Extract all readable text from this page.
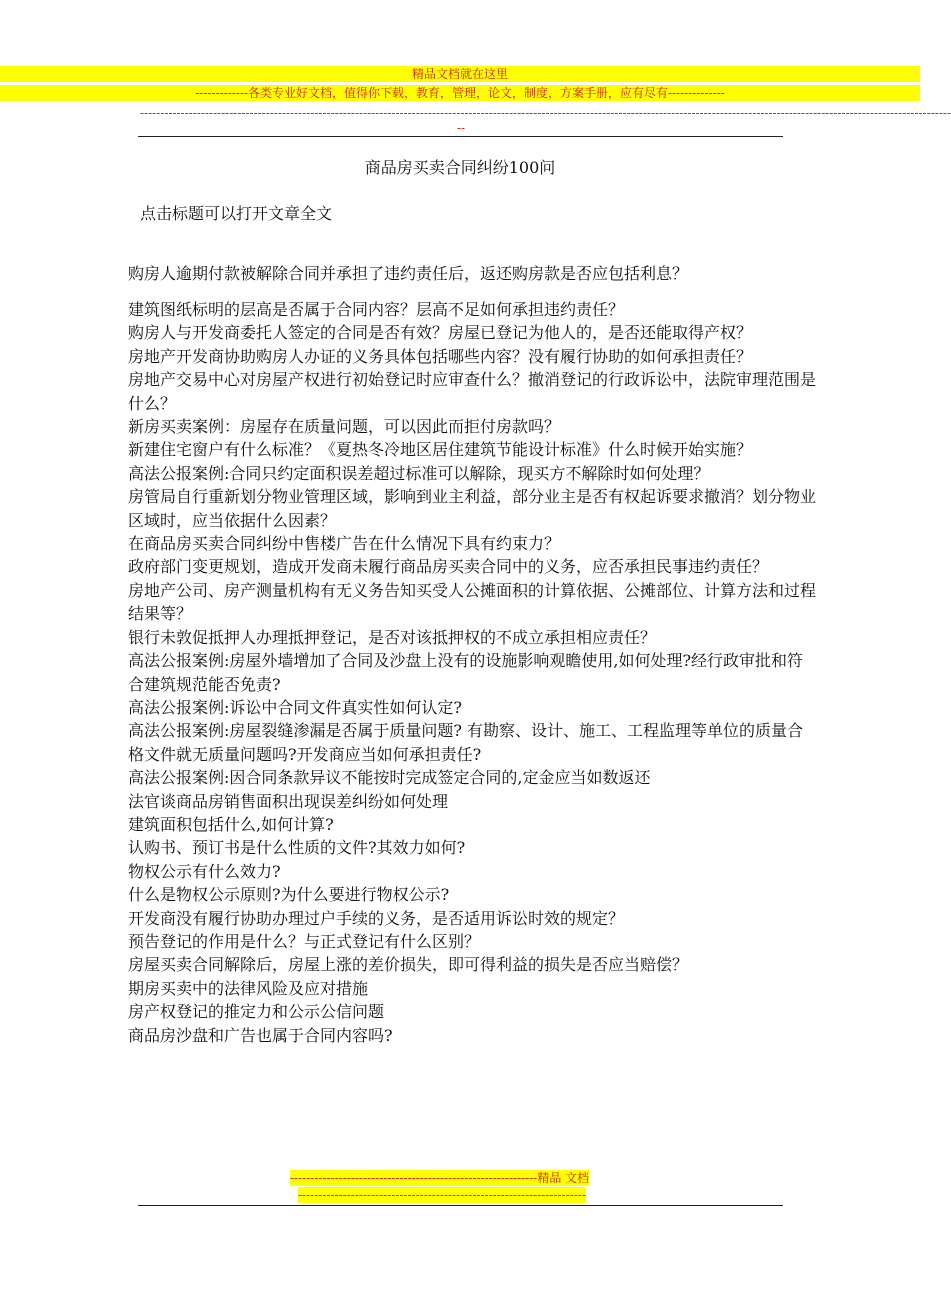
精品文档就在这里
-------------各类专业好文档，值得你下载，教育，管理，论文，制度，方案手册，应有尽有--------------
--------------------------------------------------------------------------------------------------------------------------------------------------------------------------------------------------------
--
商品房买卖合同纠纷100问
点击标题可以打开文章全文
购房人逾期付款被解除合同并承担了违约责任后，返还购房款是否应包括利息？
建筑图纸标明的层高是否属于合同内容？层高不足如何承担违约责任？
购房人与开发商委托人签定的合同是否有效？房屋已登记为他人的，是否还能取得产权？
房地产开发商协助购房人办证的义务具体包括哪些内容？没有履行协助的如何承担责任？
房地产交易中心对房屋产权进行初始登记时应审查什么？撤消登记的行政诉讼中，法院审理范围是什么？
新房买卖案例：房屋存在质量问题，可以因此而拒付房款吗？
新建住宅窗户有什么标准？《夏热冬冷地区居住建筑节能设计标准》什么时候开始实施？
高法公报案例:合同只约定面积误差超过标准可以解除，现买方不解除时如何处理？
房管局自行重新划分物业管理区域，影响到业主利益，部分业主是否有权起诉要求撤消？划分物业区域时，应当依据什么因素？
在商品房买卖合同纠纷中售楼广告在什么情况下具有约束力？
政府部门变更规划，造成开发商未履行商品房买卖合同中的义务，应否承担民事违约责任？
房地产公司、房产测量机构有无义务告知买受人公摊面积的计算依据、公摊部位、计算方法和过程结果等？
银行未敦促抵押人办理抵押登记，是否对该抵押权的不成立承担相应责任？
高法公报案例:房屋外墙增加了合同及沙盘上没有的设施影响观瞻使用,如何处理?经行政审批和符合建筑规范能否免责?
高法公报案例:诉讼中合同文件真实性如何认定?
高法公报案例:房屋裂缝渗漏是否属于质量问题? 有勘察、设计、施工、工程监理等单位的质量合格文件就无质量问题吗?开发商应当如何承担责任?
高法公报案例:因合同条款异议不能按时完成签定合同的,定金应当如数返还
法官谈商品房销售面积出现误差纠纷如何处理
建筑面积包括什么,如何计算?
认购书、预订书是什么性质的文件?其效力如何?
物权公示有什么效力?
什么是物权公示原则?为什么要进行物权公示?
开发商没有履行协助办理过户手续的义务，是否适用诉讼时效的规定？
预告登记的作用是什么？与正式登记有什么区别？
房屋买卖合同解除后，房屋上涨的差价损失，即可得利益的损失是否应当赔偿？
期房买卖中的法律风险及应对措施
房产权登记的推定力和公示公信问题
商品房沙盘和广告也属于合同内容吗?
-------------------------------------------------------------精品 文档
-----------------------------------------------------------------------
